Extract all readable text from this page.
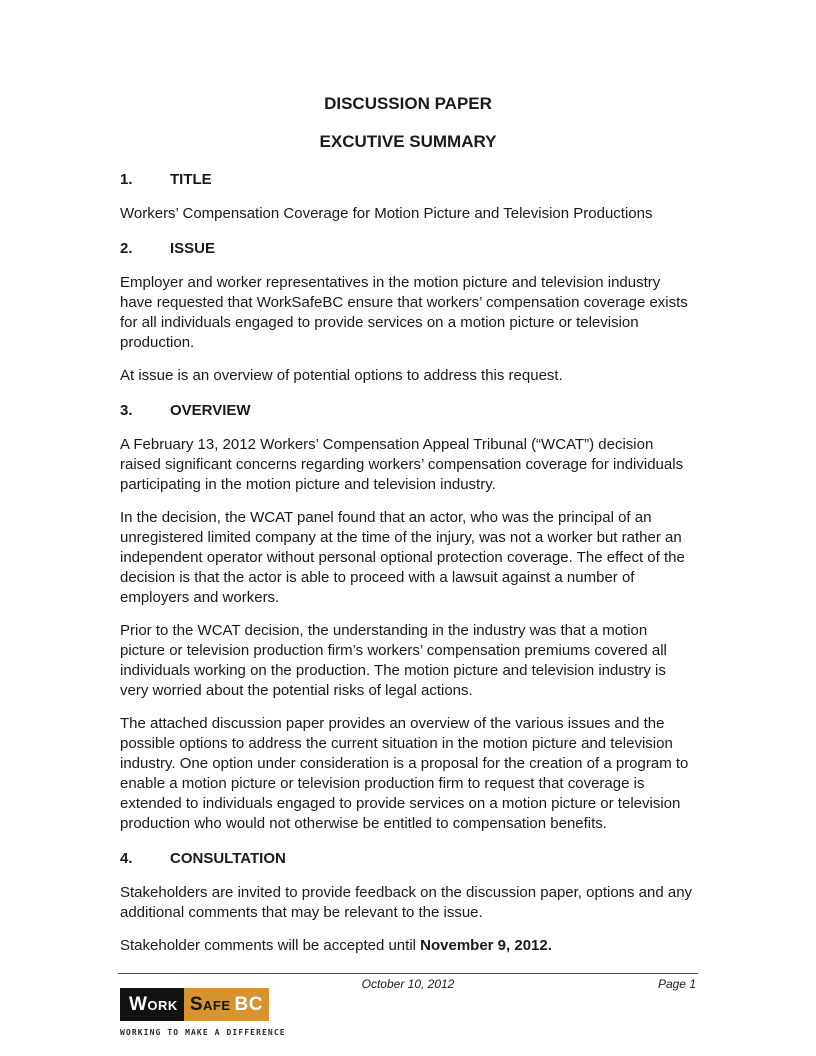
DISCUSSION PAPER
EXCUTIVE SUMMARY
1. TITLE

Workers’ Compensation Coverage for Motion Picture and Television Productions

2. ISSUE

Employer and worker representatives in the motion picture and television industry have requested that WorkSafeBC ensure that workers’ compensation coverage exists for all individuals engaged to provide services on a motion picture or television production.

At issue is an overview of potential options to address this request.

3. OVERVIEW

A February 13, 2012 Workers’ Compensation Appeal Tribunal (“WCAT”) decision raised significant concerns regarding workers’ compensation coverage for individuals participating in the motion picture and television industry.

In the decision, the WCAT panel found that an actor, who was the principal of an unregistered limited company at the time of the injury, was not a worker but rather an independent operator without personal optional protection coverage. The effect of the decision is that the actor is able to proceed with a lawsuit against a number of employers and workers.

Prior to the WCAT decision, the understanding in the industry was that a motion picture or television production firm’s workers’ compensation premiums covered all individuals working on the production. The motion picture and television industry is very worried about the potential risks of legal actions.

The attached discussion paper provides an overview of the various issues and the possible options to address the current situation in the motion picture and television industry. One option under consideration is a proposal for the creation of a program to enable a motion picture or television production firm to request that coverage is extended to individuals engaged to provide services on a motion picture or television production who would not otherwise be entitled to compensation benefits.

4. CONSULTATION

Stakeholders are invited to provide feedback on the discussion paper, options and any additional comments that may be relevant to the issue.

Stakeholder comments will be accepted until November 9, 2012.

October 10, 2012	Page 1
Work Safe BC
WORKING TO MAKE A DIFFERENCE
